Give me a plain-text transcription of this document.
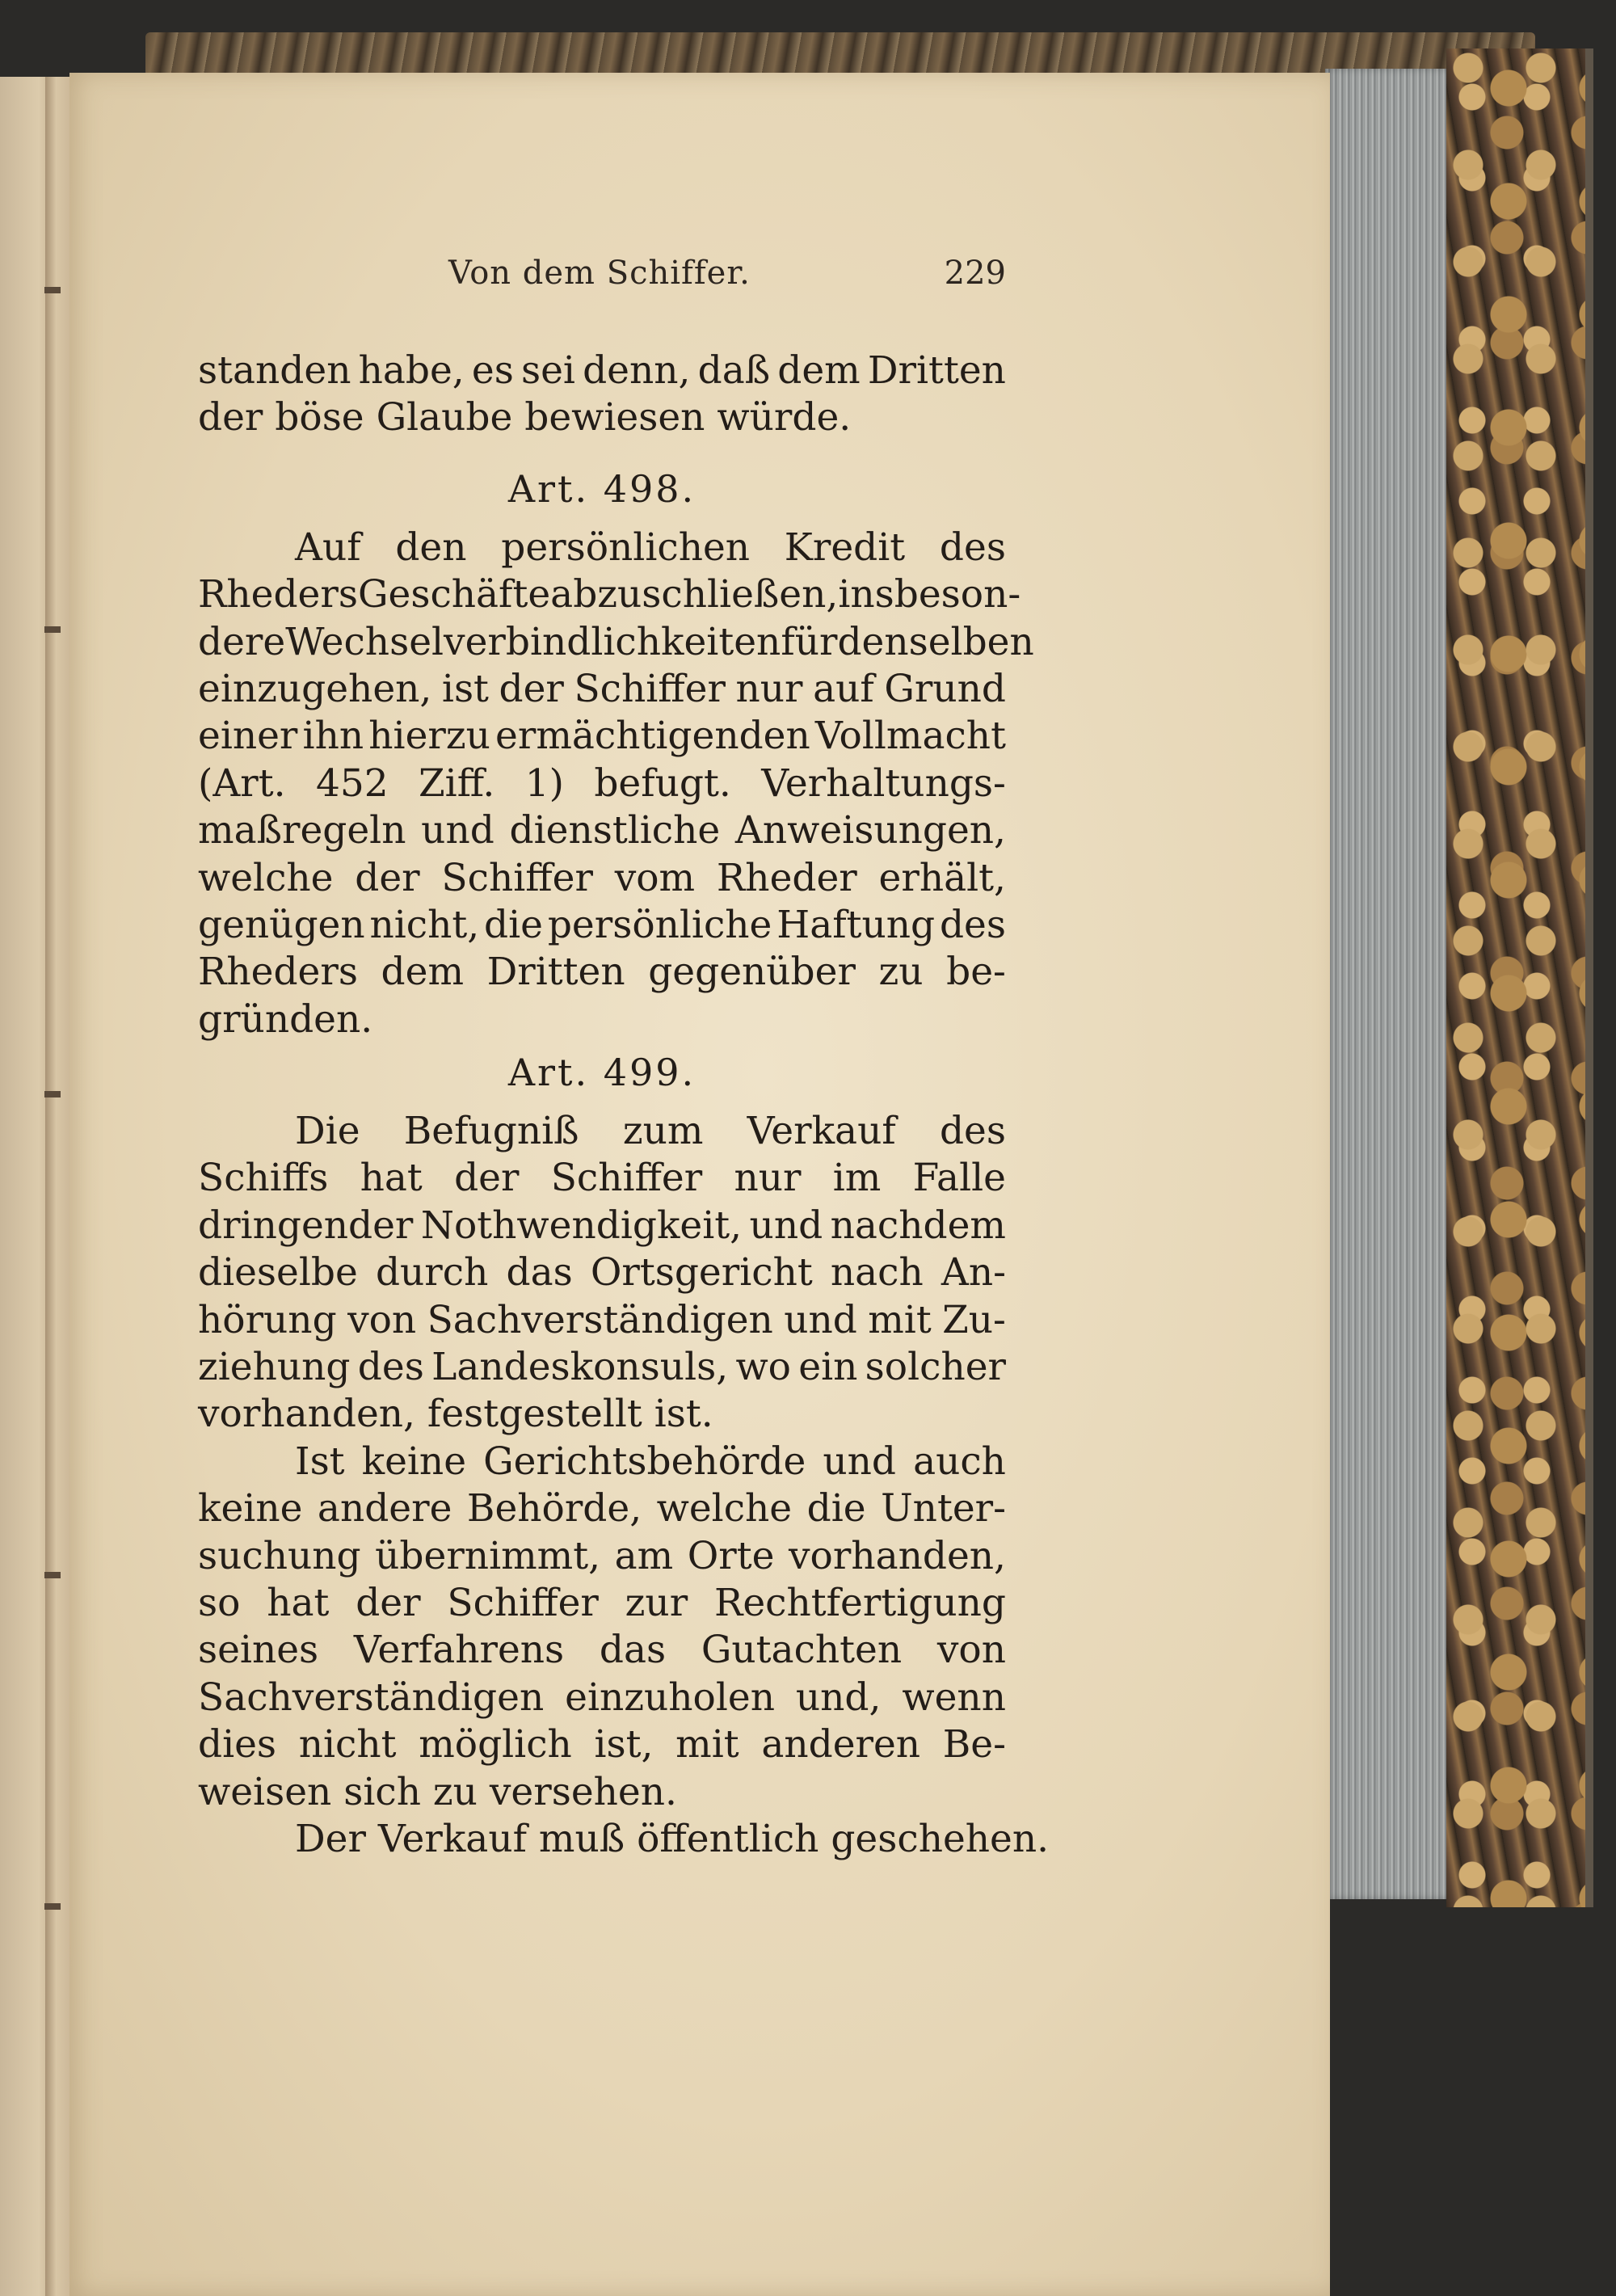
Von dem Schiffer.	229
standen habe, es sei denn, daß dem Dritten
der böse Glaube bewiesen würde.
Art. 498.
Auf den persönlichen Kredit des
Rheders Geschäfte abzuschließen, insbeson-
dere Wechselverbindlichkeiten für denselben
einzugehen, ist der Schiffer nur auf Grund
einer ihn hierzu ermächtigenden Vollmacht
(Art. 452 Ziff. 1) befugt. Verhaltungs-
maßregeln und dienstliche Anweisungen,
welche der Schiffer vom Rheder erhält,
genügen nicht, die persönliche Haftung des
Rheders dem Dritten gegenüber zu be-
gründen.
Art. 499.
Die Befugniß zum Verkauf des
Schiffs hat der Schiffer nur im Falle
dringender Nothwendigkeit, und nachdem
dieselbe durch das Ortsgericht nach An-
hörung von Sachverständigen und mit Zu-
ziehung des Landeskonsuls, wo ein solcher
vorhanden, festgestellt ist.
Ist keine Gerichtsbehörde und auch
keine andere Behörde, welche die Unter-
suchung übernimmt, am Orte vorhanden,
so hat der Schiffer zur Rechtfertigung
seines Verfahrens das Gutachten von
Sachverständigen einzuholen und, wenn
dies nicht möglich ist, mit anderen Be-
weisen sich zu versehen.
Der Verkauf muß öffentlich geschehen.
